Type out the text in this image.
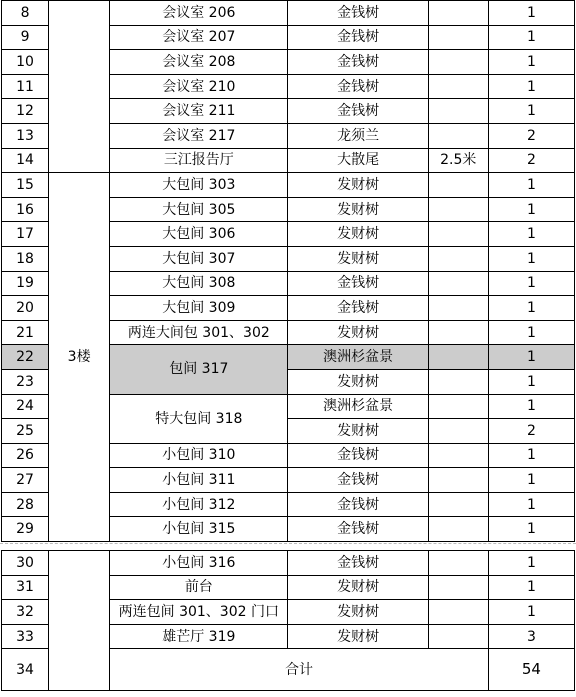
8		会议室 206	金钱树		1
9		会议室 207	金钱树		1
10		会议室 208	金钱树		1
11		会议室 210	金钱树		1
12		会议室 211	金钱树		1
13		会议室 217	龙须兰		2
14		三江报告厅	大散尾	2.5米	2
15	3楼	大包间 303	发财树		1
16		大包间 305	发财树		1
17		大包间 306	发财树		1
18		大包间 307	发财树		1
19		大包间 308	金钱树		1
20		大包间 309	金钱树		1
21		两连大间包 301、302	发财树		1
22		包间 317	澳洲杉盆景		1
23			发财树		1
24		特大包间 318	澳洲杉盆景		1
25			发财树		2
26		小包间 310	金钱树		1
27		小包间 311	金钱树		1
28		小包间 312	金钱树		1
29		小包间 315	金钱树		1
30		小包间 316	金钱树		1
31		前台	发财树		1
32		两连包间 301、302 门口	发财树		1
33		雄芒厅 319	发财树		3
34		合计			54
